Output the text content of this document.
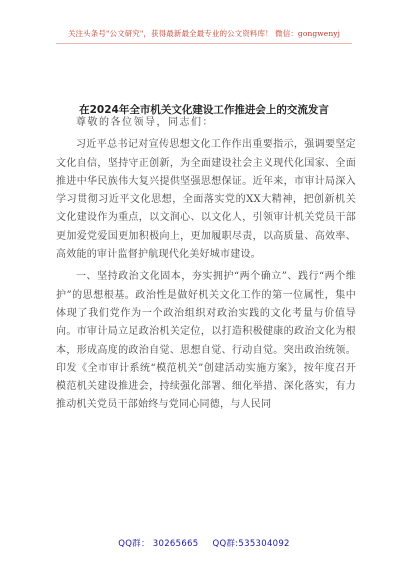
关注头条号"公文研究"，获得最新最全最专业的公文资料库！ 微信：gongwenyj
在2024年全市机关文化建设工作推进会上的交流发言

尊敬的各位领导，同志们：

习近平总书记对宣传思想文化工作作出重要指示，强调要坚定文化自信，坚持守正创新，为全面建设社会主义现代化国家、全面推进中华民族伟大复兴提供坚强思想保证。近年来，市审计局深入学习贯彻习近平文化思想，全面落实党的XX大精神，把创新机关文化建设作为重点，以文润心、以文化人，引领审计机关党员干部更加爱党爱国更加积极向上，更加履职尽责，以高质量、高效率、高效能的审计监督护航现代化美好城市建设。

一、坚持政治文化固本，夯实拥护“两个确立”、践行“两个维护”的思想根基。政治性是做好机关文化工作的第一位属性，集中体现了我们党作为一个政治组织对政治实践的文化考量与价值导向。市审计局立足政治机关定位，以打造积极健康的政治文化为根本，形成高度的政治自觉、思想自觉、行动自觉。突出政治统领。印发《全市审计系统“模范机关”创建活动实施方案》，按年度召开模范机关建设推进会，持续强化部署、细化举措、深化落实，有力推动机关党员干部始终与党同心同德，与人民同

QQ群： 30265665 QQ群:535304092
